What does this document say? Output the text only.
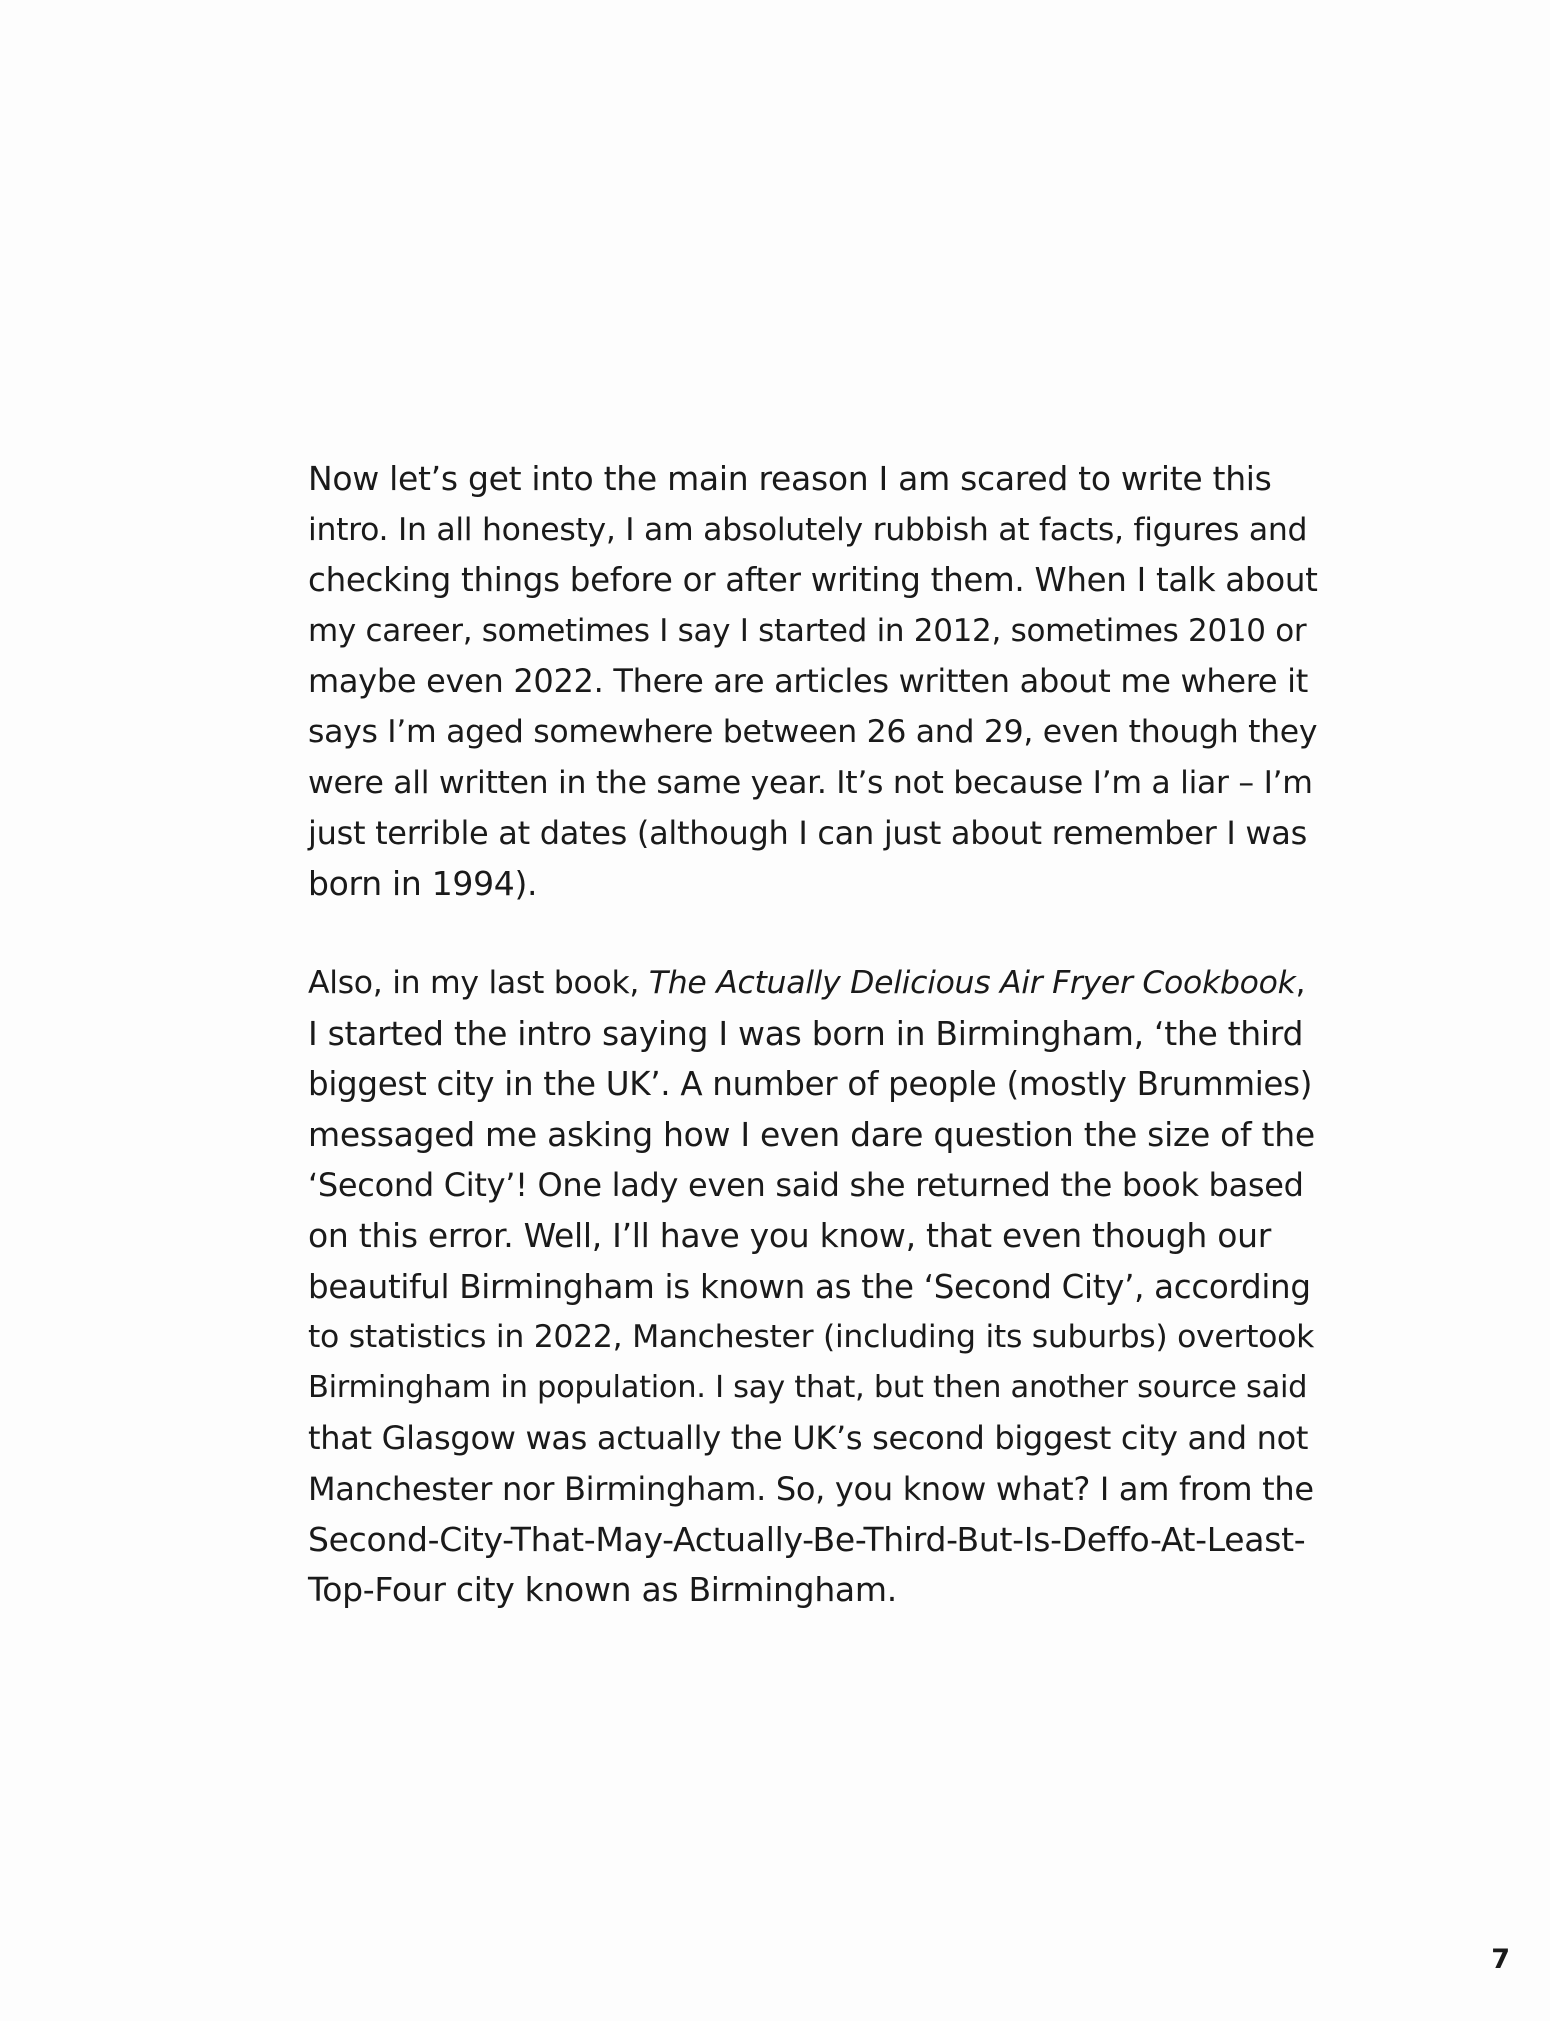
Now let’s get into the main reason I am scared to write this
intro. In all honesty, I am absolutely rubbish at facts, figures and
checking things before or after writing them. When I talk about
my career, sometimes I say I started in 2012, sometimes 2010 or
maybe even 2022. There are articles written about me where it
says I’m aged somewhere between 26 and 29, even though they
were all written in the same year. It’s not because I’m a liar – I’m
just terrible at dates (although I can just about remember I was
born in 1994).
Also, in my last book, The Actually Delicious Air Fryer Cookbook,
I started the intro saying I was born in Birmingham, ‘the third
biggest city in the UK’. A number of people (mostly Brummies)
messaged me asking how I even dare question the size of the
‘Second City’! One lady even said she returned the book based
on this error. Well, I’ll have you know, that even though our
beautiful Birmingham is known as the ‘Second City’, according
to statistics in 2022, Manchester (including its suburbs) overtook
Birmingham in population. I say that, but then another source said
that Glasgow was actually the UK’s second biggest city and not
Manchester nor Birmingham. So, you know what? I am from the
Second-City-That-May-Actually-Be-Third-But-Is-Deffo-At-Least-
Top-Four city known as Birmingham.
7
